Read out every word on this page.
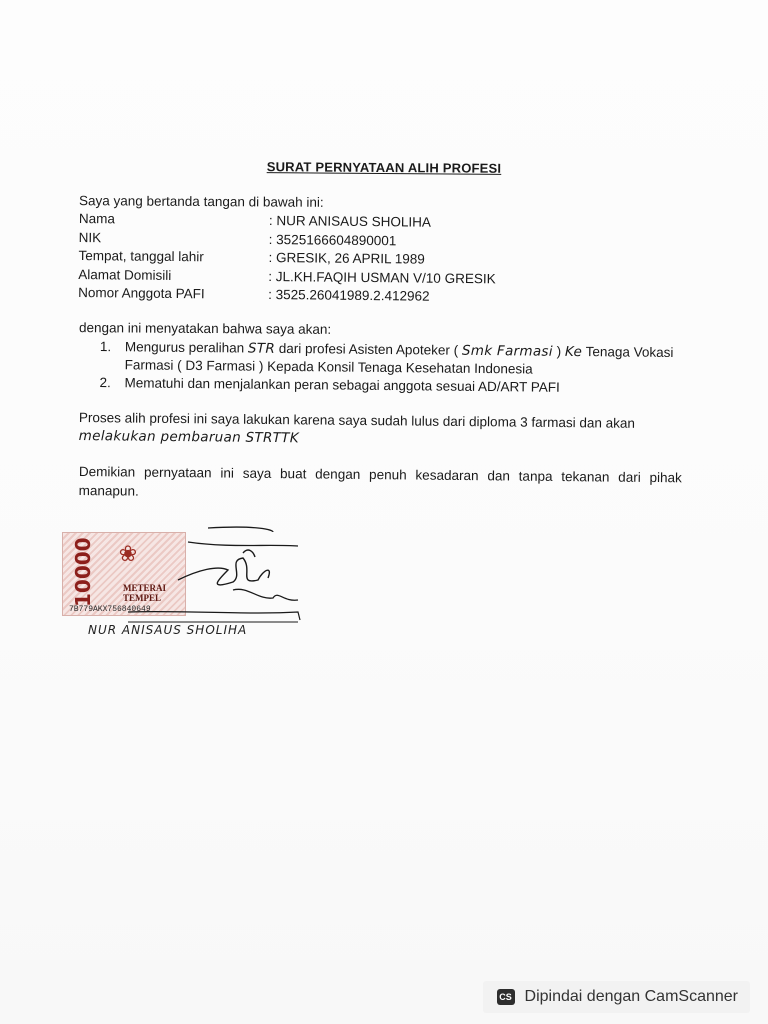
SURAT PERNYATAAN ALIH PROFESI
Saya yang bertanda tangan di bawah ini:
Nama	: NUR ANISAUS SHOLIHA
NIK	: 3525166604890001
Tempat, tanggal lahir	: GRESIK, 26 APRIL 1989
Alamat Domisili	: JL.KH.FAQIH USMAN V/10 GRESIK
Nomor Anggota PAFI	: 3525.26041989.2.412962
dengan ini menyatakan bahwa saya akan:
1.	Mengurus peralihan STR dari profesi Asisten Apoteker ( Smk Farmasi ) Ke Tenaga Vokasi
Farmasi ( D3 Farmasi ) Kepada Konsil Tenaga Kesehatan Indonesia
2.	Mematuhi dan menjalankan peran sebagai anggota sesuai AD/ART PAFI
Proses alih profesi ini saya lakukan karena saya sudah lulus dari diploma 3 farmasi dan akan
melakukan pembaruan STRTTK
Demikian pernyataan ini saya buat dengan penuh kesadaran dan tanpa tekanan dari pihak manapun.
10000 ❀
METERAI
TEMPEL
7B779AKX756840649
NUR ANISAUS SHOLIHA
CS Dipindai dengan CamScanner
